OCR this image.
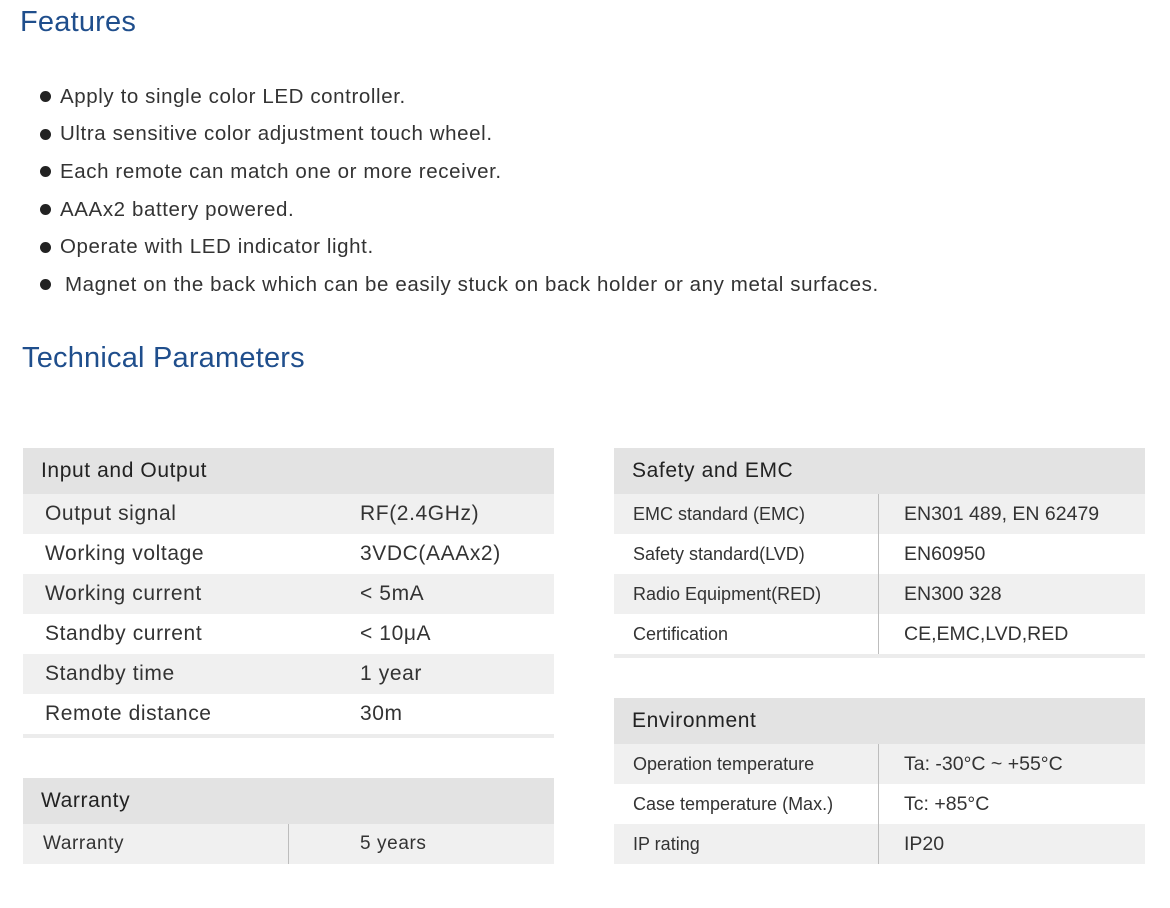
Features
Apply to single color LED controller.
Ultra sensitive color adjustment touch wheel.
Each remote can match one or more receiver.
AAAx2 battery powered.
Operate with LED indicator light.
Magnet on the back which can be easily stuck on back holder or any metal surfaces.
Technical Parameters
Input and Output
Output signal	RF(2.4GHz)
Working voltage	3VDC(AAAx2)
Working current	< 5mA
Standby current	< 10μA
Standby time	1 year
Remote distance	30m
Warranty
Warranty	5 years
Safety and EMC
EMC standard (EMC)	EN301 489, EN 62479
Safety standard(LVD)	EN60950
Radio Equipment(RED)	EN300 328
Certification	CE,EMC,LVD,RED
Environment
Operation temperature	Ta: -30°C ~ +55°C
Case temperature (Max.)	Tc: +85°C
IP rating	IP20
